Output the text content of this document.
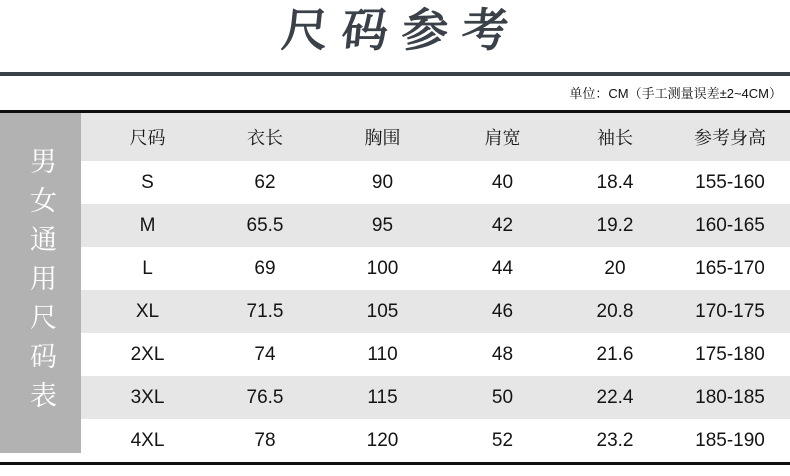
尺码参考
单位：CM（手工测量误差±2~4CM）
尺码	衣长	胸围	肩宽	袖长	参考身高
S	62	90	40	18.4	155-160
M	65.5	95	42	19.2	160-165
L	69	100	44	20	165-170
XL	71.5	105	46	20.8	170-175
2XL	74	110	48	21.6	175-180
3XL	76.5	115	50	22.4	180-185
4XL	78	120	52	23.2	185-190
男女通用尺码表
